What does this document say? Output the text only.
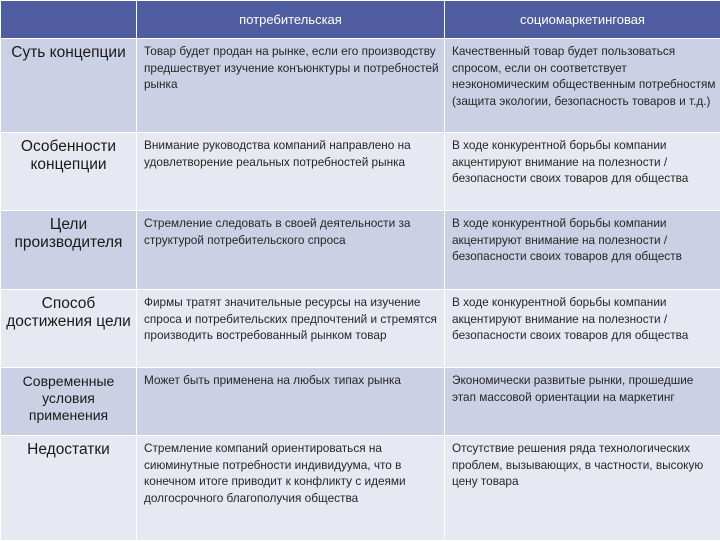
	потребительская	социомаркетинговая
Суть концепции	Товар будет продан на рынке, если его производству предшествует изучение конъюнктуры и потребностей рынка	Качественный товар будет пользоваться спросом, если он соответствует неэкономическим общественным потребностям (защита экологии, безопасность товаров и т.д.)
Особенности концепции	Внимание руководства компаний направлено на удовлетворение реальных потребностей рынка	В ходе конкурентной борьбы компании акцентируют внимание на полезности / безопасности своих товаров для общества
Цели производителя	Стремление следовать в своей деятельности за структурой потребительского спроса	В ходе конкурентной борьбы компании акцентируют внимание на полезности / безопасности своих товаров для обществ
Способ достижения цели	Фирмы тратят значительные ресурсы на изучение спроса и потребительских предпочтений и стремятся производить востребованный рынком товар	В ходе конкурентной борьбы компании акцентируют внимание на полезности / безопасности своих товаров для общества
Современные условия применения	Может быть применена на любых типах рынка	Экономически развитые рынки, прошедшие этап массовой ориентации на маркетинг
Недостатки	Стремление компаний ориентироваться на сиюминутные потребности индивидуума, что в конечном итоге приводит к конфликту с идеями долгосрочного благополучия общества	Отсутствие решения ряда технологических проблем, вызывающих, в частности, высокую цену товара
